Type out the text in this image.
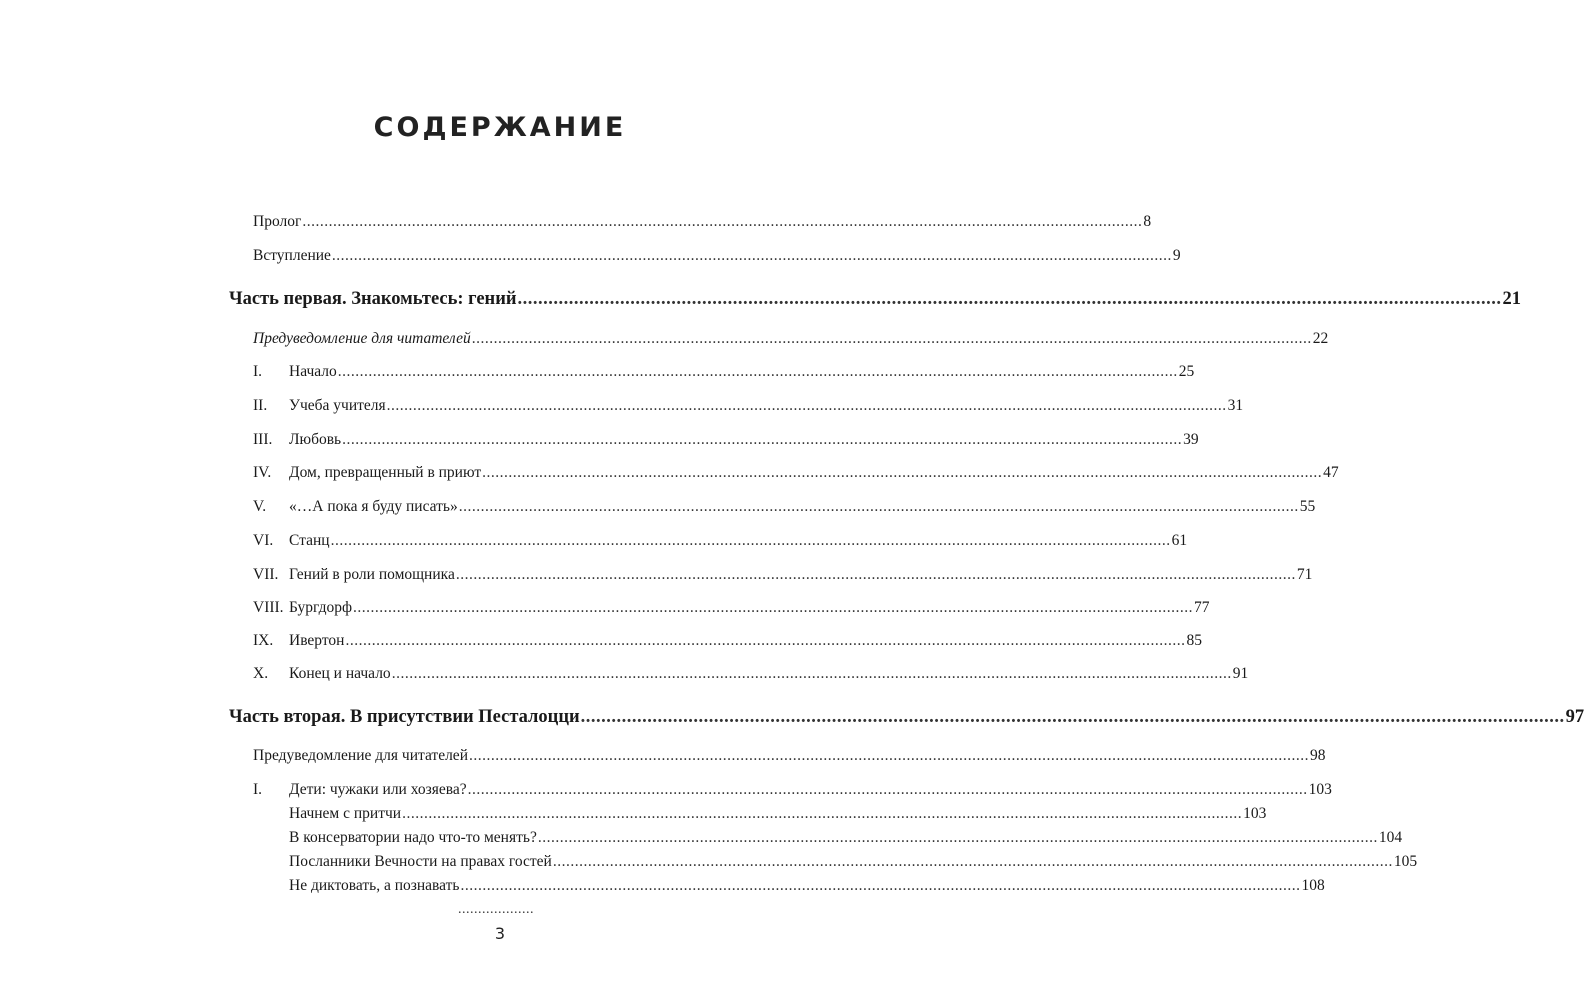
СОДЕРЖАНИЕ
Пролог ................................................................................................................................................................................................ 8
Вступление ................................................................................................................................................................................................ 9
Часть первая. Знакомьтесь: гений ................................................................................................................................................................................................ 21
Предуведомление для читателей ................................................................................................................................................................................................ 22
I.	Начало ................................................................................................................................................................................................ 25
II.	Учеба учителя ................................................................................................................................................................................................ 31
III.	Любовь ................................................................................................................................................................................................ 39
IV.	Дом, превращенный в приют ................................................................................................................................................................................................ 47
V.	«…А пока я буду писать» ................................................................................................................................................................................................ 55
VI.	Станц ................................................................................................................................................................................................ 61
VII. Гений в роли помощника ................................................................................................................................................................................................ 71
VIII. Бургдорф ................................................................................................................................................................................................ 77
IX.	Ивертон ................................................................................................................................................................................................ 85
X.	Конец и начало ................................................................................................................................................................................................ 91
Часть вторая. В присутствии Песталоцци ................................................................................................................................................................................................ 97
Предуведомление для читателей ................................................................................................................................................................................................ 98
I.	Дети: чужаки или хозяева? ................................................................................................................................................................................................ 103
Начнем с притчи ................................................................................................................................................................................................ 103
В консерватории надо что-то менять? ................................................................................................................................................................................................ 104
Посланники Вечности на правах гостей ................................................................................................................................................................................................ 105
Не диктовать, а познавать ................................................................................................................................................................................................ 108
...................
3
